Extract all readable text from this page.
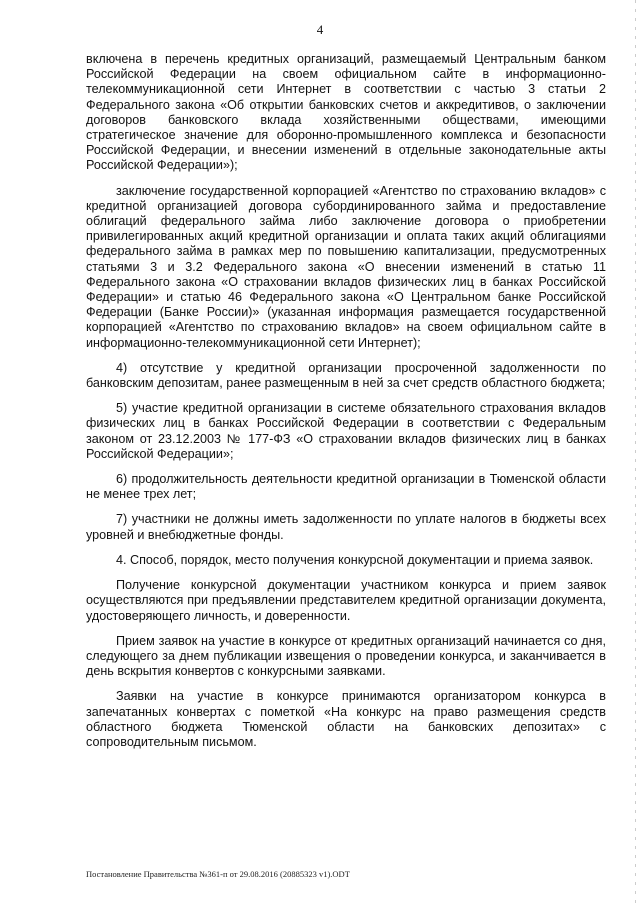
4

включена в перечень кредитных организаций, размещаемый Центральным банком Российской Федерации на своем официальном сайте в информационно-телекоммуникационной сети Интернет в соответствии с частью 3 статьи 2 Федерального закона «Об открытии банковских счетов и аккредитивов, о заключении договоров банковского вклада хозяйственными обществами, имеющими стратегическое значение для оборонно-промышленного комплекса и безопасности Российской Федерации, и внесении изменений в отдельные законодательные акты Российской Федерации»);

заключение государственной корпорацией «Агентство по страхованию вкладов» с кредитной организацией договора субординированного займа и предоставление облигаций федерального займа либо заключение договора о приобретении привилегированных акций кредитной организации и оплата таких акций облигациями федерального займа в рамках мер по повышению капитализации, предусмотренных статьями 3 и 3.2 Федерального закона «О внесении изменений в статью 11 Федерального закона «О страховании вкладов физических лиц в банках Российской Федерации» и статью 46 Федерального закона «О Центральном банке Российской Федерации (Банке России)» (указанная информация размещается государственной корпорацией «Агентство по страхованию вкладов» на своем официальном сайте в информационно-телекоммуникационной сети Интернет);

4) отсутствие у кредитной организации просроченной задолженности по банковским депозитам, ранее размещенным в ней за счет средств областного бюджета;

5) участие кредитной организации в системе обязательного страхования вкладов физических лиц в банках Российской Федерации в соответствии с Федеральным законом от 23.12.2003 № 177-ФЗ «О страховании вкладов физических лиц в банках Российской Федерации»;

6) продолжительность деятельности кредитной организации в Тюменской области не менее трех лет;

7) участники не должны иметь задолженности по уплате налогов в бюджеты всех уровней и внебюджетные фонды.

4. Способ, порядок, место получения конкурсной документации и приема заявок.

Получение конкурсной документации участником конкурса и прием заявок осуществляются при предъявлении представителем кредитной организации документа, удостоверяющего личность, и доверенности.

Прием заявок на участие в конкурсе от кредитных организаций начинается со дня, следующего за днем публикации извещения о проведении конкурса, и заканчивается в день вскрытия конвертов с конкурсными заявками.

Заявки на участие в конкурсе принимаются организатором конкурса в запечатанных конвертах с пометкой «На конкурс на право размещения средств областного бюджета Тюменской области на банковских депозитах» с сопроводительным письмом.

Постановление Правительства №361-п от 29.08.2016 (20885323 v1).ODT
